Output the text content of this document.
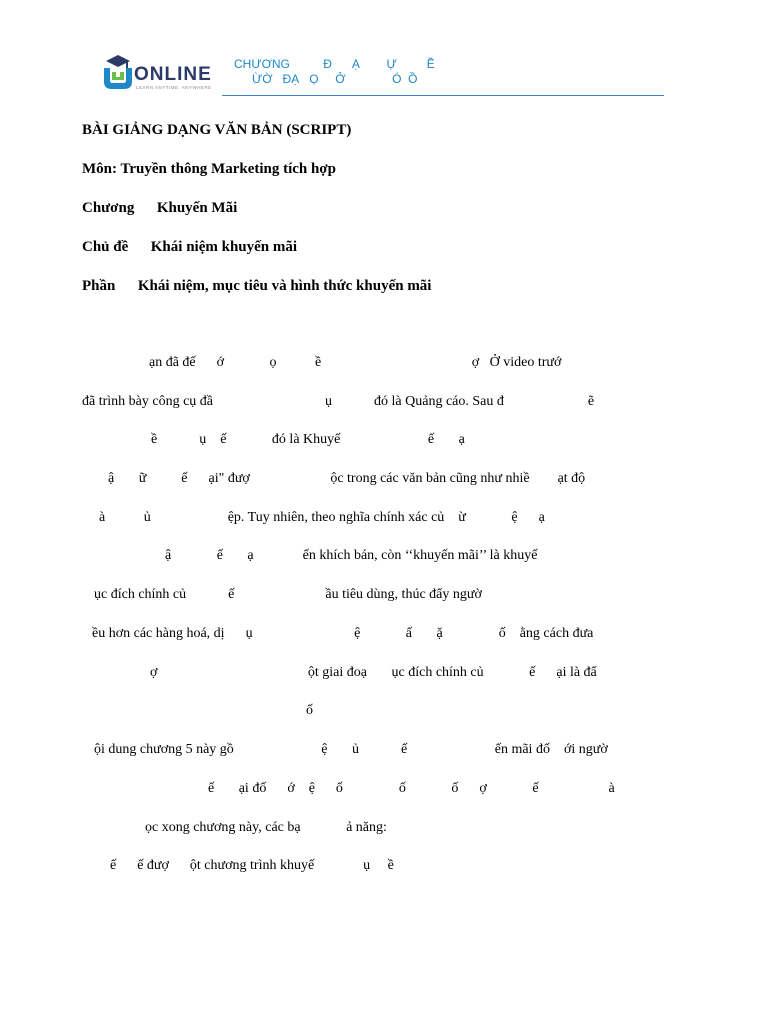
ONLINE
LEARN ANYTIME, ANYWHERE
CHƯƠNG          Đ      Ạ        Ự         Ề
ỪỜ   ĐẠ   Ọ     Ở              Ó  Ồ
BÀI GIẢNG DẠNG VĂN BẢN (SCRIPT)
Môn: Truyền thông Marketing tích hợp
Chương      Khuyến Mãi
Chủ đề      Khái niệm khuyến mãi
Phần      Khái niệm, mục tiêu và hình thức khuyến mãi
ạn đã đế      ớ             ọ           ề                                           ợ   Ở video trướ
đã trình bày công cụ đầ                                ụ            đó là Quảng cáo. Sau đ                        ẽ
ề            ụ    ế             đó là Khuyế                         ế       ạ
ậ       ữ          ế      ại" đượ                       ộc trong các văn bản cũng như nhiề        ạt độ
à           ủ                      ệp. Tuy nhiên, theo nghĩa chính xác củ    ừ             ệ      ạ
ậ             ế       ạ              ến khích bán, còn ‘‘khuyến mãi’’ là khuyế
ục đích chính củ            ế                          ầu tiêu dùng, thúc đẩy ngườ
ều hơn các hàng hoá, dị      ụ                             ệ             ấ       ặ                ố    ằng cách đưa
ợ                                           ột giai đoạ       ục đích chính củ             ế      ại là đẩ
ố
ội dung chương 5 này gồ                         ệ       ủ            ế                         ến mãi đố    ới ngườ
ế       ại đố      ớ    ệ      ố                ố             ố      ợ             ế                    à
ọc xong chương này, các bạ             ả năng:
ế      ế đượ      ột chương trình khuyế              ụ     ề
